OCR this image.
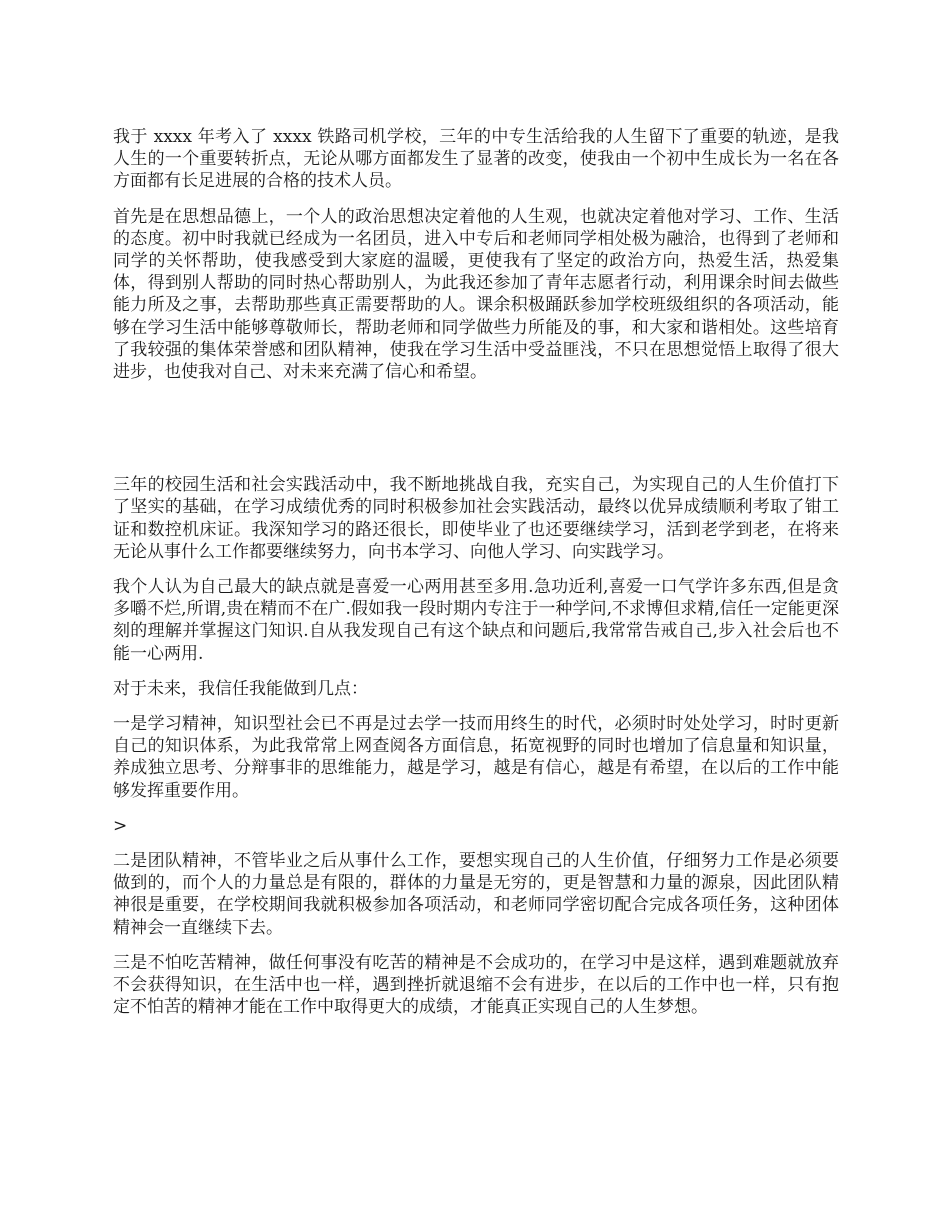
我于 xxxx 年考入了 xxxx 铁路司机学校，三年的中专生活给我的人生留下了重要的轨迹，是我人生的一个重要转折点，无论从哪方面都发生了显著的改变，使我由一个初中生成长为一名在各方面都有长足进展的合格的技术人员。

首先是在思想品德上，一个人的政治思想决定着他的人生观，也就决定着他对学习、工作、生活的态度。初中时我就已经成为一名团员，进入中专后和老师同学相处极为融洽，也得到了老师和同学的关怀帮助，使我感受到大家庭的温暖，更使我有了坚定的政治方向，热爱生活，热爱集体，得到别人帮助的同时热心帮助别人，为此我还参加了青年志愿者行动，利用课余时间去做些能力所及之事，去帮助那些真正需要帮助的人。课余积极踊跃参加学校班级组织的各项活动，能够在学习生活中能够尊敬师长，帮助老师和同学做些力所能及的事，和大家和谐相处。这些培育了我较强的集体荣誉感和团队精神，使我在学习生活中受益匪浅，不只在思想觉悟上取得了很大进步，也使我对自己、对未来充满了信心和希望。

三年的校园生活和社会实践活动中，我不断地挑战自我，充实自己，为实现自己的人生价值打下了坚实的基础，在学习成绩优秀的同时积极参加社会实践活动，最终以优异成绩顺利考取了钳工证和数控机床证。我深知学习的路还很长，即使毕业了也还要继续学习，活到老学到老，在将来无论从事什么工作都要继续努力，向书本学习、向他人学习、向实践学习。

我个人认为自己最大的缺点就是喜爱一心两用甚至多用.急功近利,喜爱一口气学许多东西,但是贪多嚼不烂,所谓,贵在精而不在广.假如我一段时期内专注于一种学问,不求博但求精,信任一定能更深刻的理解并掌握这门知识.自从我发现自己有这个缺点和问题后,我常常告戒自己,步入社会后也不能一心两用.

对于未来，我信任我能做到几点：

一是学习精神，知识型社会已不再是过去学一技而用终生的时代，必须时时处处学习，时时更新自己的知识体系，为此我常常上网查阅各方面信息，拓宽视野的同时也增加了信息量和知识量，养成独立思考、分辩事非的思维能力，越是学习，越是有信心，越是有希望，在以后的工作中能够发挥重要作用。

>

二是团队精神，不管毕业之后从事什么工作，要想实现自己的人生价值，仔细努力工作是必须要做到的，而个人的力量总是有限的，群体的力量是无穷的，更是智慧和力量的源泉，因此团队精神很是重要，在学校期间我就积极参加各项活动，和老师同学密切配合完成各项任务，这种团体精神会一直继续下去。

三是不怕吃苦精神，做任何事没有吃苦的精神是不会成功的，在学习中是这样，遇到难题就放弃不会获得知识，在生活中也一样，遇到挫折就退缩不会有进步，在以后的工作中也一样，只有抱定不怕苦的精神才能在工作中取得更大的成绩，才能真正实现自己的人生梦想。
